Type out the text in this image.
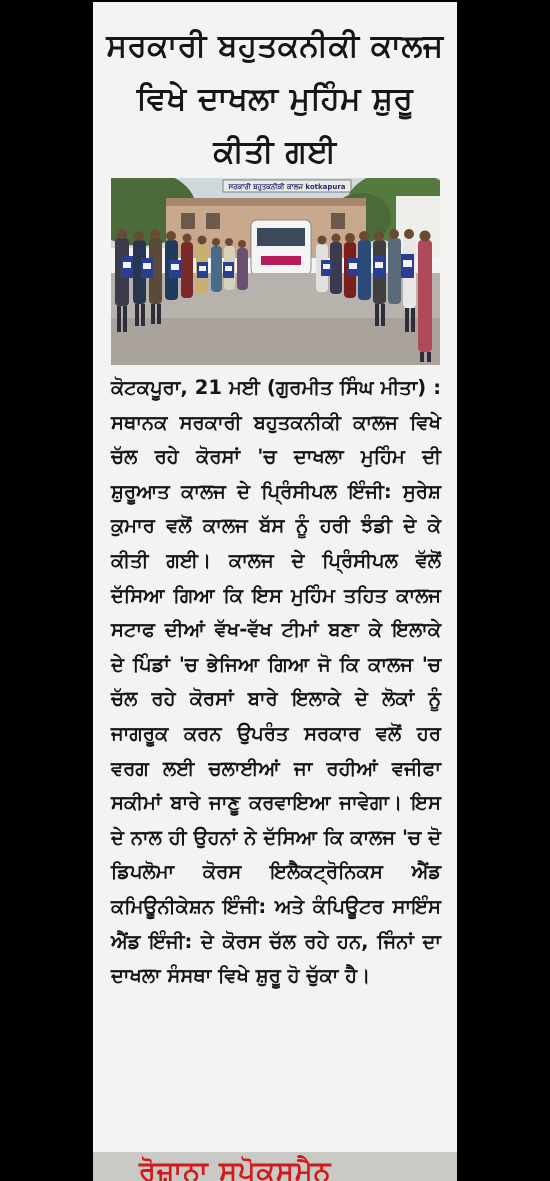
ਸਰਕਾਰੀ ਬਹੁਤਕਨੀਕੀ ਕਾਲਜ ਵਿਖੇ ਦਾਖਲਾ ਮੁਹਿੰਮ ਸ਼ੁਰੂ ਕੀਤੀ ਗਈ
ਸਰਕਾਰੀ ਬਹੁਤਕਨੀਕੀ ਕਾਲਜ kotkapura
ਕੋਟਕਪੂਰਾ, 21 ਮਈ (ਗੁਰਮੀਤ ਸਿੰਘ ਮੀਤਾ) : ਸਥਾਨਕ ਸਰਕਾਰੀ ਬਹੁਤਕਨੀਕੀ ਕਾਲਜ ਵਿਖੇ ਚੱਲ ਰਹੇ ਕੋਰਸਾਂ 'ਚ ਦਾਖਲਾ ਮੁਹਿੰਮ ਦੀ ਸ਼ੁਰੂਆਤ ਕਾਲਜ ਦੇ ਪ੍ਰਿੰਸੀਪਲ ਇੰਜੀ: ਸੁਰੇਸ਼ ਕੁਮਾਰ ਵਲੋਂ ਕਾਲਜ ਬੱਸ ਨੂੰ ਹਰੀ ਝੰਡੀ ਦੇ ਕੇ ਕੀਤੀ ਗਈ। ਕਾਲਜ ਦੇ ਪ੍ਰਿੰਸੀਪਲ ਵੱਲੋਂ ਦੱਸਿਆ ਗਿਆ ਕਿ ਇਸ ਮੁਹਿੰਮ ਤਹਿਤ ਕਾਲਜ ਸਟਾਫ ਦੀਆਂ ਵੱਖ-ਵੱਖ ਟੀਮਾਂ ਬਣਾ ਕੇ ਇਲਾਕੇ ਦੇ ਪਿੰਡਾਂ 'ਚ ਭੇਜਿਆ ਗਿਆ ਜੋ ਕਿ ਕਾਲਜ 'ਚ ਚੱਲ ਰਹੇ ਕੋਰਸਾਂ ਬਾਰੇ ਇਲਾਕੇ ਦੇ ਲੋਕਾਂ ਨੂੰ ਜਾਗਰੂਕ ਕਰਨ ਉਪਰੰਤ ਸਰਕਾਰ ਵਲੋਂ ਹਰ ਵਰਗ ਲਈ ਚਲਾਈਆਂ ਜਾ ਰਹੀਆਂ ਵਜੀਫਾ ਸਕੀਮਾਂ ਬਾਰੇ ਜਾਣੂ ਕਰਵਾਇਆ ਜਾਵੇਗਾ। ਇਸ ਦੇ ਨਾਲ ਹੀ ਉਹਨਾਂ ਨੇ ਦੱਸਿਆ ਕਿ ਕਾਲਜ 'ਚ ਦੋ ਡਿਪਲੋਮਾ ਕੋਰਸ ਇਲੈਕਟ੍ਰੋਨਿਕਸ ਐਂਡ ਕਮਿਊਨੀਕੇਸ਼ਨ ਇੰਜੀ: ਅਤੇ ਕੰਪਿਊਟਰ ਸਾਇੰਸ ਐਂਡ ਇੰਜੀ: ਦੇ ਕੋਰਸ ਚੱਲ ਰਹੇ ਹਨ, ਜਿੰਨਾਂ ਦਾ ਦਾਖਲਾ ਸੰਸਥਾ ਵਿਖੇ ਸ਼ੁਰੂ ਹੋ ਚੁੱਕਾ ਹੈ।
ਰੋਜ਼ਾਨਾ ਸਪੋਕਸਮੈਨ
